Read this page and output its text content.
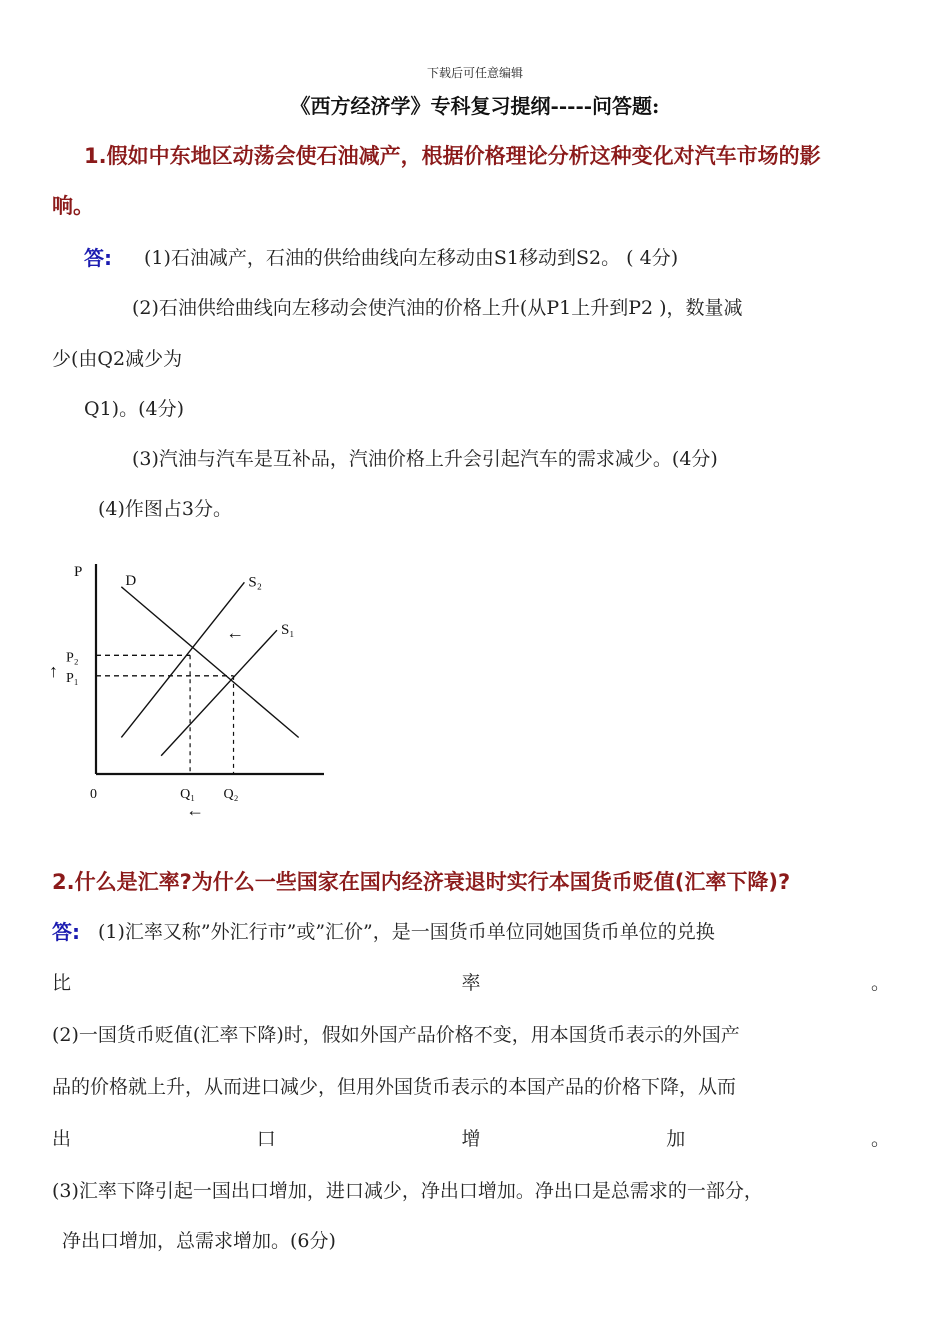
下载后可任意编辑
《西方经济学》专科复习提纲-----问答题:
1.假如中东地区动荡会使石油减产，根据价格理论分析这种变化对汽车市场的影
响。
答: (1)石油减产，石油的供给曲线向左移动由S1移动到S2。 ( 4分)
(2)石油供给曲线向左移动会使汽油的价格上升(从P1上升到P2 )，数量减
少(由Q2减少为
Q1)。(4分)
(3)汽油与汽车是互补品，汽油价格上升会引起汽车的需求减少。(4分)
(4)作图占3分。
P
0
D	S₂
S₁
P₂
Q₁
P₁
Q₂
←
↑
←
2.什么是汇率?为什么一些国家在国内经济衰退时实行本国货币贬值(汇率下降)?
答: (1)汇率又称”外汇行市”或”汇价”，是一国货币单位同她国货币单位的兑换
比	率	。
(2)一国货币贬值(汇率下降)时，假如外国产品价格不变，用本国货币表示的外国产
品的价格就上升，从而进口减少，但用外国货币表示的本国产品的价格下降，从而
出	口	增	加	。
(3)汇率下降引起一国出口增加，进口减少，净出口增加。净出口是总需求的一部分，
净出口增加，总需求增加。(6分)
